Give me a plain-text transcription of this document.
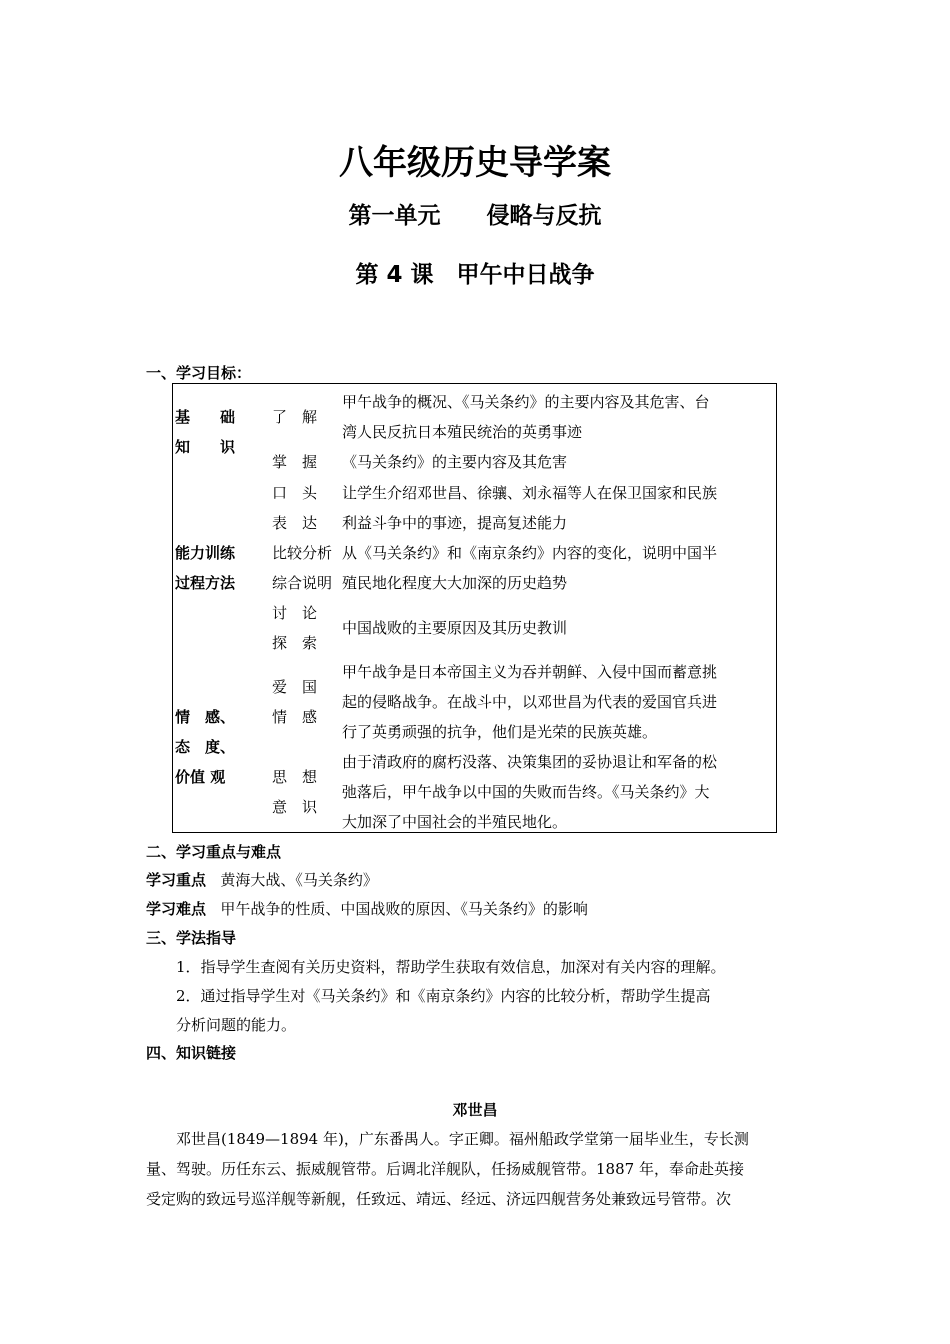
八年级历史导学案
第一单元　　侵略与反抗
第 4 课　甲午中日战争
一、学习目标：
基　　础
知　　识
能力训练
过程方法
情　感、
态　度、
价值 观
了　解
甲午战争的概况、《马关条约》的主要内容及其危害、台
湾人民反抗日本殖民统治的英勇事迹
掌　握 《马关条约》的主要内容及其危害
口　头
表　达
让学生介绍邓世昌、徐骧、刘永福等人在保卫国家和民族
利益斗争中的事迹，提高复述能力
比较分析
综合说明
从《马关条约》和《南京条约》内容的变化，说明中国半
殖民地化程度大大加深的历史趋势
讨　论
探　索
中国战败的主要原因及其历史教训
爱　国
情　感
甲午战争是日本帝国主义为吞并朝鲜、入侵中国而蓄意挑
起的侵略战争。在战斗中，以邓世昌为代表的爱国官兵进
行了英勇顽强的抗争，他们是光荣的民族英雄。
思　想
意　识
由于清政府的腐朽没落、决策集团的妥协退让和军备的松
弛落后，甲午战争以中国的失败而告终。《马关条约》大
大加深了中国社会的半殖民地化。
二、学习重点与难点
学习重点 黄海大战、《马关条约》
学习难点 甲午战争的性质、中国战败的原因、《马关条约》的影响
三、学法指导
1．指导学生查阅有关历史资料，帮助学生获取有效信息，加深对有关内容的理解。
2．通过指导学生对《马关条约》和《南京条约》内容的比较分析，帮助学生提高
分析问题的能力。
四、知识链接
邓世昌
　　邓世昌(1849—1894 年)，广东番禺人。字正卿。福州船政学堂第一届毕业生，专长测
量、驾驶。历任东云、振威舰管带。后调北洋舰队，任扬威舰管带。1887 年，奉命赴英接
受定购的致远号巡洋舰等新舰，任致远、靖远、经远、济远四舰营务处兼致远号管带。次
